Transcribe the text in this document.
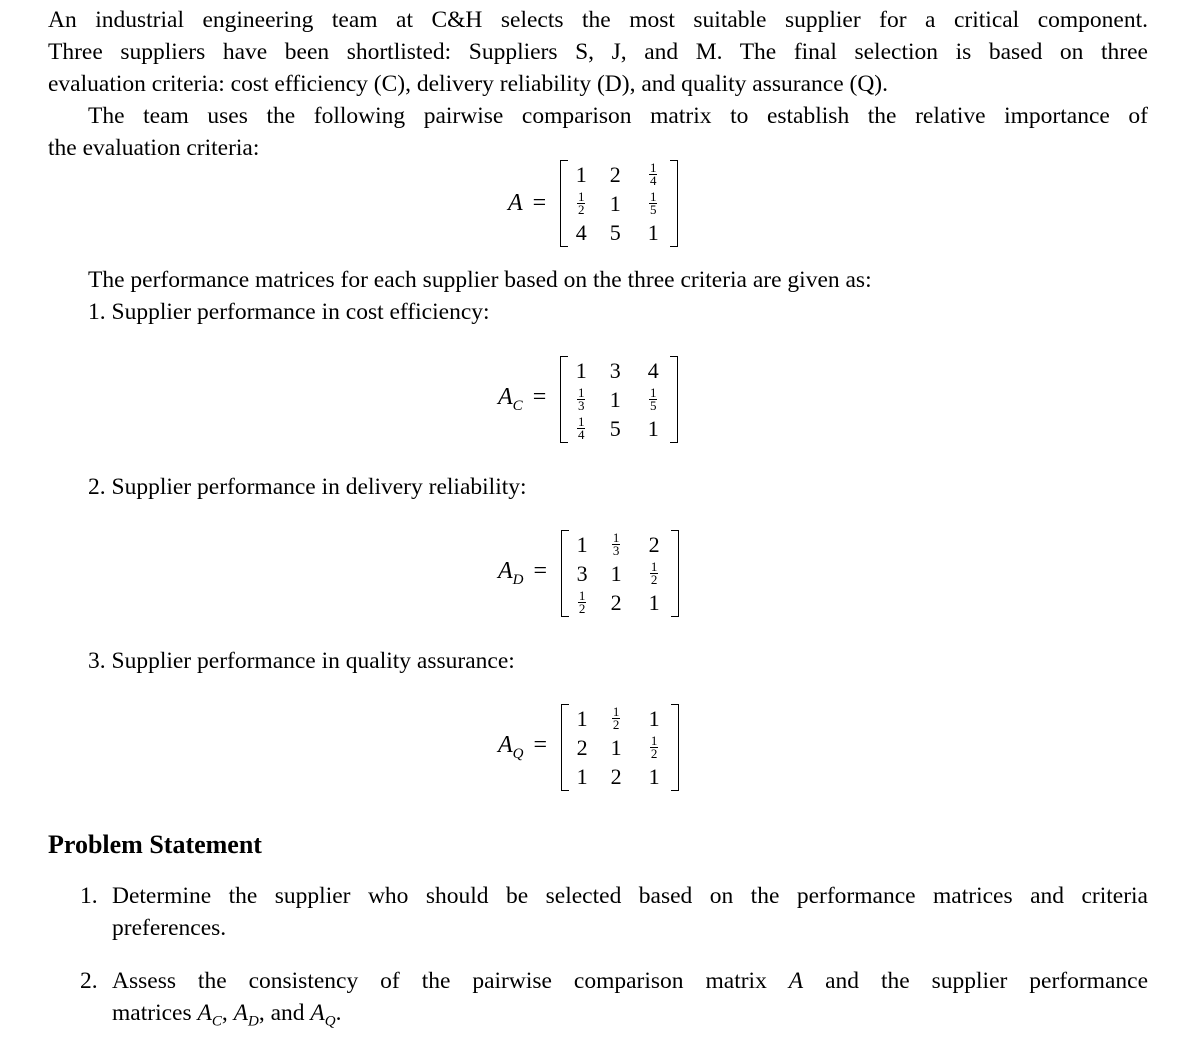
An industrial engineering team at C&H selects the most suitable supplier for a critical component.

Three suppliers have been shortlisted: Suppliers S, J, and M. The final selection is based on three

evaluation criteria: cost efficiency (C), delivery reliability (D), and quality assurance (Q).

The team uses the following pairwise comparison matrix to establish the relative importance of

the evaluation criteria:

A =
1	2	$\frac{1}{4}$
$\frac{1}{2}$	1	$\frac{1}{5}$
4	5	1

The performance matrices for each supplier based on the three criteria are given as:

1. Supplier performance in cost efficiency:

$A_C$ =
1	3	4
$\frac{1}{3}$	1	$\frac{1}{5}$
$\frac{1}{4}$	5	1

2. Supplier performance in delivery reliability:

$A_D$ =
1	$\frac{1}{3}$	2
3	1	$\frac{1}{2}$
$\frac{1}{2}$	2	1

3. Supplier performance in quality assurance:

$A_Q$ =
1	$\frac{1}{2}$	1
2	1	$\frac{1}{2}$
1	2	1
Problem Statement
1. Determine the supplier who should be selected based on the performance matrices and criteria
preferences.
2. Assess the consistency of the pairwise comparison matrix A and the supplier performance
matrices $A_C$, $A_D$, and $A_Q$.
